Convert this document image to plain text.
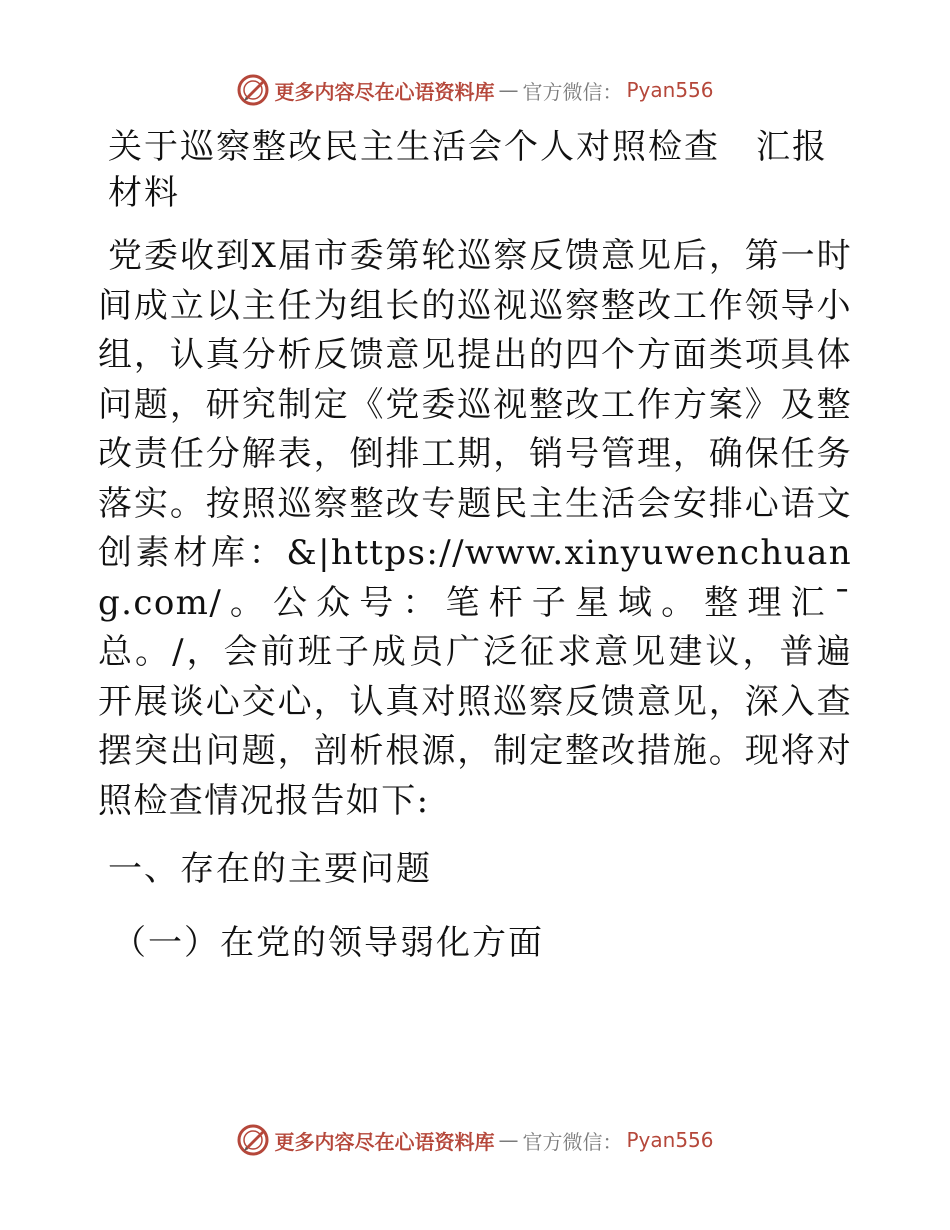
更多内容尽在心语资料库 — 官方微信： Pyan556
关于巡察整改民主生活会个人对照检查　汇报材料

党委收到X届市委第轮巡察反馈意见后，第一时间成立以主任为组长的巡视巡察整改工作领导小组，认真分析反馈意见提出的四个方面类项具体问题，研究制定《党委巡视整改工作方案》及整改责任分解表，倒排工期，销号管理，确保任务落实。按照巡察整改专题民主生活会安排心语文创素材库：&|https://www.xinyuwenchuang.com/。公众号：笔杆子星域。整理汇¯总。/，会前班子成员广泛征求意见建议，普遍开展谈心交心，认真对照巡察反馈意见，深入查摆突出问题，剖析根源，制定整改措施。现将对照检查情况报告如下:

一、存在的主要问题
（一）在党的领导弱化方面
更多内容尽在心语资料库 — 官方微信： Pyan556
